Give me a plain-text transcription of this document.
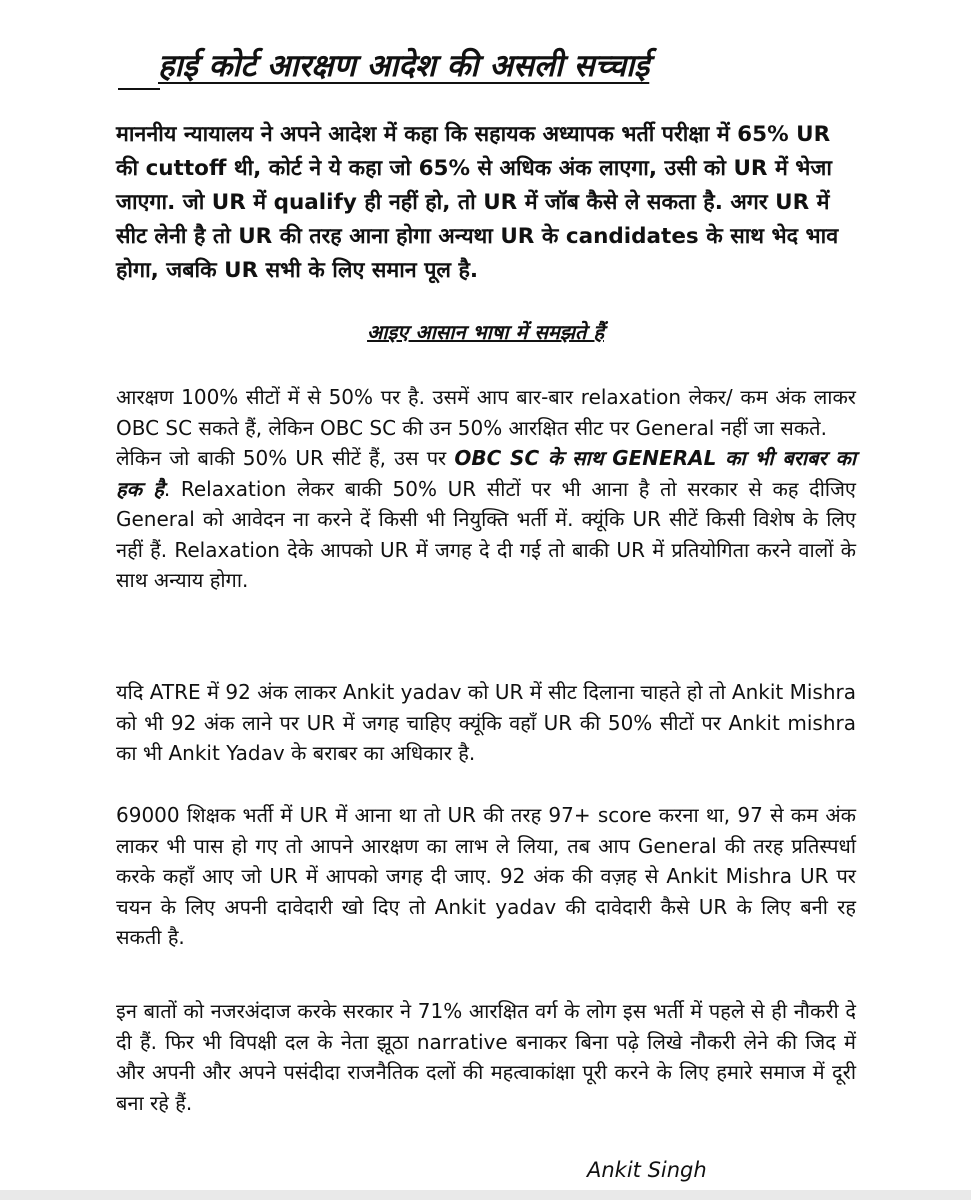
हाई कोर्ट आरक्षण आदेश की असली सच्चाई

माननीय न्यायालय ने अपने आदेश में कहा कि सहायक अध्यापक भर्ती परीक्षा में 65% UR की cuttoff थी, कोर्ट ने ये कहा जो 65% से अधिक अंक लाएगा, उसी को UR में भेजा जाएगा. जो UR में qualify ही नहीं हो, तो UR में जॉब कैसे ले सकता है. अगर UR में सीट लेनी है तो UR की तरह आना होगा अन्यथा UR के candidates के साथ भेद भाव होगा, जबकि UR सभी के लिए समान पूल है.

आइए आसान भाषा में समझते हैं

आरक्षण 100% सीटों में से 50% पर है. उसमें आप बार-बार relaxation लेकर/ कम अंक लाकर OBC SC सकते हैं, लेकिन OBC SC की उन 50% आरक्षित सीट पर General नहीं जा सकते.
लेकिन जो बाकी 50% UR सीटें हैं, उस पर OBC SC के साथ GENERAL का भी बराबर का हक है. Relaxation लेकर बाकी 50% UR सीटों पर भी आना है तो सरकार से कह दीजिए General को आवेदन ना करने दें किसी भी नियुक्ति भर्ती में. क्यूंकि UR सीटें किसी विशेष के लिए नहीं हैं. Relaxation देके आपको UR में जगह दे दी गई तो बाकी UR में प्रतियोगिता करने वालों के साथ अन्याय होगा.

यदि ATRE में 92 अंक लाकर Ankit yadav को UR में सीट दिलाना चाहते हो तो Ankit Mishra को भी 92 अंक लाने पर UR में जगह चाहिए क्यूंकि वहाँ UR की 50% सीटों पर Ankit mishra का भी Ankit Yadav के बराबर का अधिकार है.

69000 शिक्षक भर्ती में UR में आना था तो UR की तरह 97+ score करना था, 97 से कम अंक लाकर भी पास हो गए तो आपने आरक्षण का लाभ ले लिया, तब आप General की तरह प्रतिस्पर्धा करके कहाँ आए जो UR में आपको जगह दी जाए. 92 अंक की वज़ह से Ankit Mishra UR पर चयन के लिए अपनी दावेदारी खो दिए तो Ankit yadav की दावेदारी कैसे UR के लिए बनी रह सकती है.

इन बातों को नजरअंदाज करके सरकार ने 71% आरक्षित वर्ग के लोग इस भर्ती में पहले से ही नौकरी दे दी हैं. फिर भी विपक्षी दल के नेता झूठा narrative बनाकर बिना पढ़े लिखे नौकरी लेने की जिद में और अपनी और अपने पसंदीदा राजनैतिक दलों की महत्वाकांक्षा पूरी करने के लिए हमारे समाज में दूरी बना रहे हैं.

Ankit Singh
